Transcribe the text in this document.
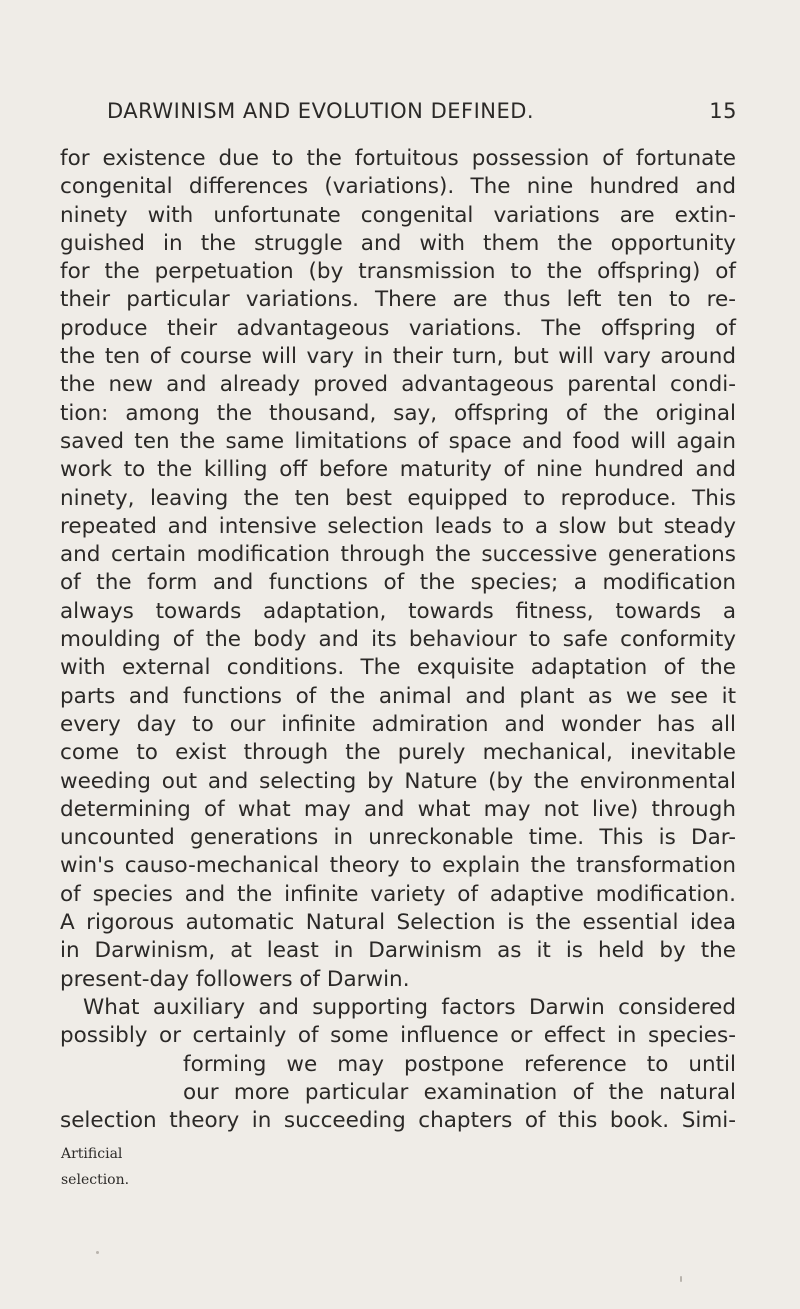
DARWINISM AND EVOLUTION DEFINED.	15
for existence due to the fortuitous possession of fortunate
congenital differences (variations). The nine hundred and
ninety with unfortunate congenital variations are extin-
guished in the struggle and with them the opportunity
for the perpetuation (by transmission to the offspring) of
their particular variations. There are thus left ten to re-
produce their advantageous variations. The offspring of
the ten of course will vary in their turn, but will vary around
the new and already proved advantageous parental condi-
tion: among the thousand, say, offspring of the original
saved ten the same limitations of space and food will again
work to the killing off before maturity of nine hundred and
ninety, leaving the ten best equipped to reproduce. This
repeated and intensive selection leads to a slow but steady
and certain modification through the successive generations
of the form and functions of the species; a modification
always towards adaptation, towards fitness, towards a
moulding of the body and its behaviour to safe conformity
with external conditions. The exquisite adaptation of the
parts and functions of the animal and plant as we see it
every day to our infinite admiration and wonder has all
come to exist through the purely mechanical, inevitable
weeding out and selecting by Nature (by the environmental
determining of what may and what may not live) through
uncounted generations in unreckonable time. This is Dar-
win's causo-mechanical theory to explain the transformation
of species and the infinite variety of adaptive modification.
A rigorous automatic Natural Selection is the essential idea
in Darwinism, at least in Darwinism as it is held by the
present-day followers of Darwin.
What auxiliary and supporting factors Darwin considered
possibly or certainly of some influence or effect in species-
forming we may postpone reference to until
our more particular examination of the natural
selection theory in succeeding chapters of this book. Simi-
Artificial
selection.
